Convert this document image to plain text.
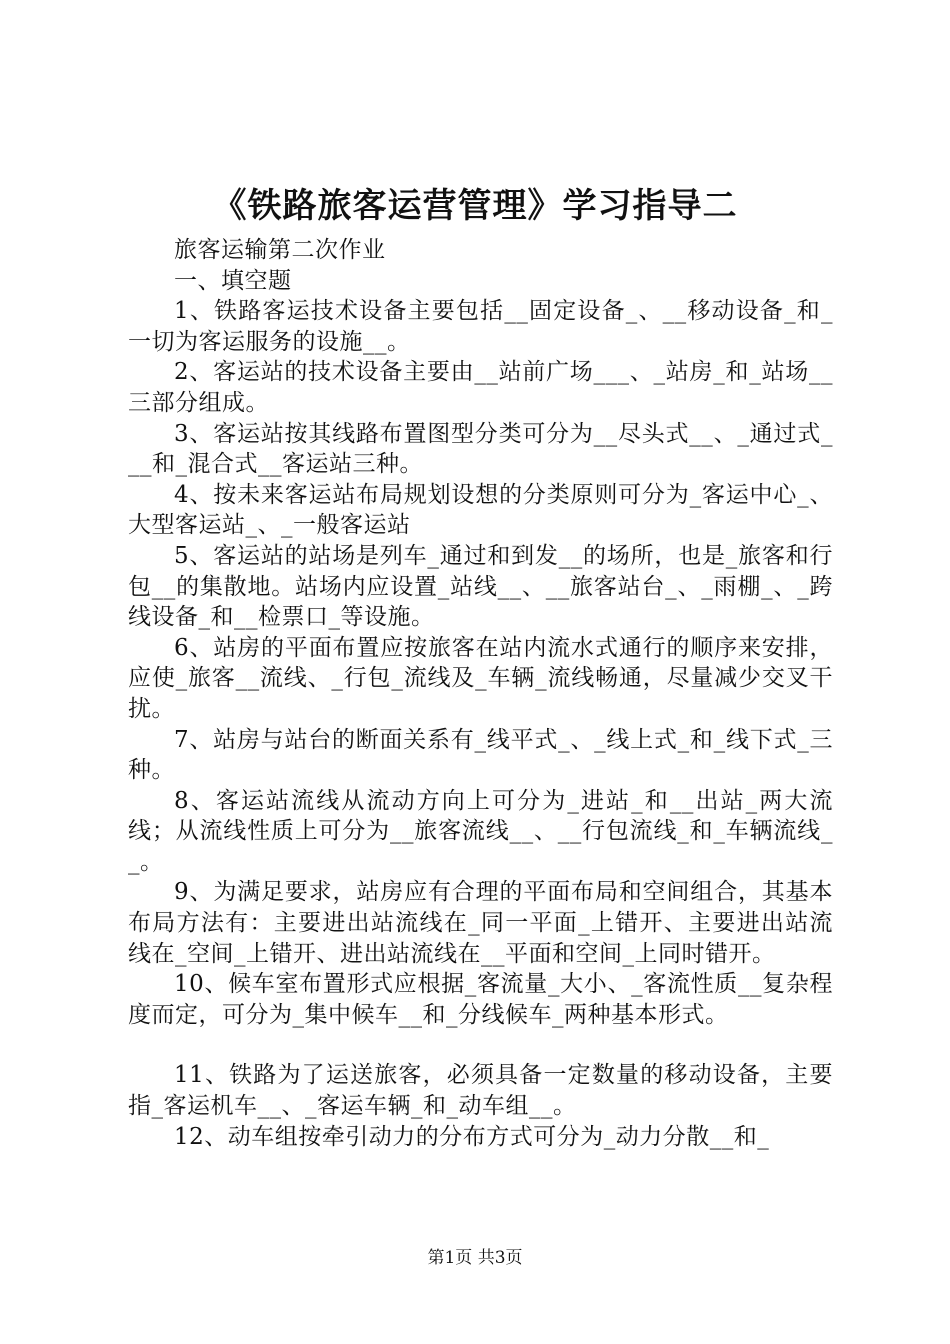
《铁路旅客运营管理》学习指导二

旅客运输第二次作业

一、填空题

1、铁路客运技术设备主要包括__固定设备_、__移动设备_和_一切为客运服务的设施__。

2、客运站的技术设备主要由__站前广场___、_站房_和_站场__三部分组成。

3、客运站按其线路布置图型分类可分为__尽头式__、_通过式___和_混合式__客运站三种。

4、按未来客运站布局规划设想的分类原则可分为_客运中心_、大型客运站_、_一般客运站

5、客运站的站场是列车_通过和到发__的场所，也是_旅客和行包__的集散地。站场内应设置_站线__、__旅客站台_、_雨棚_、_跨线设备_和__检票口_等设施。

6、站房的平面布置应按旅客在站内流水式通行的顺序来安排，应使_旅客__流线、_行包_流线及_车辆_流线畅通，尽量减少交叉干扰。

7、站房与站台的断面关系有_线平式_、_线上式_和_线下式_三种。

8、客运站流线从流动方向上可分为_进站_和__出站_两大流线；从流线性质上可分为__旅客流线__、__行包流线_和_车辆流线__。

9、为满足要求，站房应有合理的平面布局和空间组合，其基本布局方法有：主要进出站流线在_同一平面_上错开、主要进出站流线在_空间_上错开、进出站流线在__平面和空间_上同时错开。

10、候车室布置形式应根据_客流量_大小、_客流性质__复杂程度而定，可分为_集中候车__和_分线候车_两种基本形式。

11、铁路为了运送旅客，必须具备一定数量的移动设备，主要指_客运机车__、_客运车辆_和_动车组__。

12、动车组按牵引动力的分布方式可分为_动力分散__和_

第1页 共3页
